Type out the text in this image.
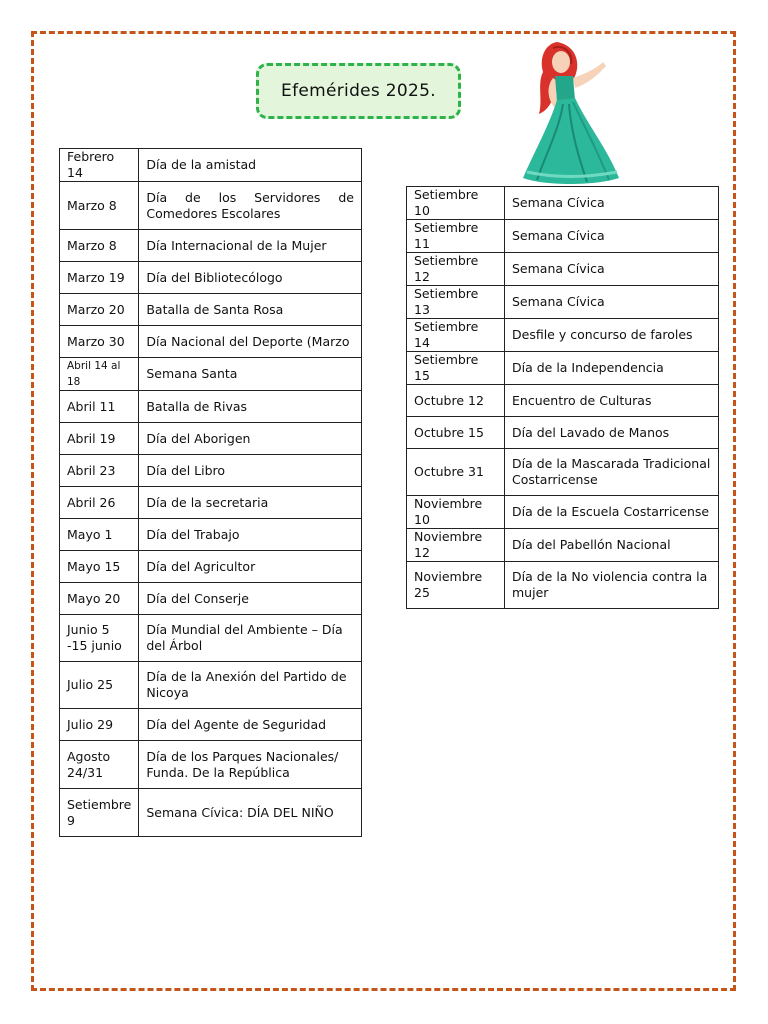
Efemérides 2025.
Febrero 14	Día de la amistad
Marzo 8	Día de los Servidores de Comedores Escolares
Marzo 8	Día Internacional de la Mujer
Marzo 19	Día del Bibliotecólogo
Marzo 20	Batalla de Santa Rosa
Marzo 30	Día Nacional del Deporte (Marzo
Abril 14 al 18	Semana Santa
Abril 11	Batalla de Rivas
Abril 19	Día del Aborigen
Abril 23	Día del Libro
Abril 26	Día de la secretaria
Mayo 1	Día del Trabajo
Mayo 15	Día del Agricultor
Mayo 20	Día del Conserje
Junio 5 -15 junio	Día Mundial del Ambiente – Día del Árbol
Julio 25	Día de la Anexión del Partido de Nicoya
Julio 29	Día del Agente de Seguridad
Agosto 24/31	Día de los Parques Nacionales/ Funda. De la República
Setiembre 9	Semana Cívica: DÍA DEL NIÑO
Setiembre 10	Semana Cívica
Setiembre 11	Semana Cívica
Setiembre 12	Semana Cívica
Setiembre 13	Semana Cívica
Setiembre 14	Desfile y concurso de faroles
Setiembre 15	Día de la Independencia
Octubre 12	Encuentro de Culturas
Octubre 15	Día del Lavado de Manos
Octubre 31	Día de la Mascarada Tradicional Costarricense
Noviembre 10	Día de la Escuela Costarricense
Noviembre 12	Día del Pabellón Nacional
Noviembre 25	Día de la No violencia contra la mujer
